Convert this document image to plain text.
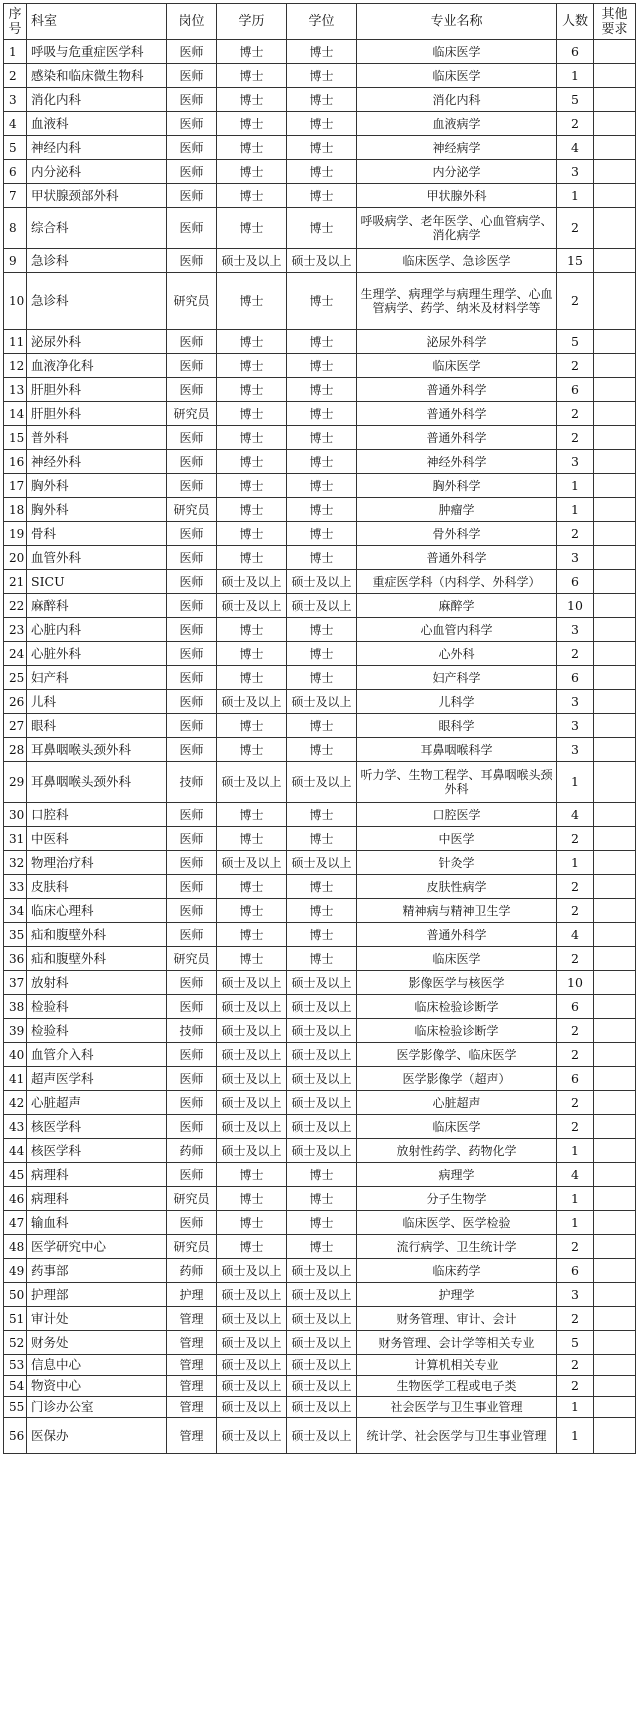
序号	科室	岗位	学历	学位	专业名称	人数	其他要求
1	呼吸与危重症医学科	医师	博士	博士	临床医学	6	
2	感染和临床微生物科	医师	博士	博士	临床医学	1	
3	消化内科	医师	博士	博士	消化内科	5	
4	血液科	医师	博士	博士	血液病学	2	
5	神经内科	医师	博士	博士	神经病学	4	
6	内分泌科	医师	博士	博士	内分泌学	3	
7	甲状腺颈部外科	医师	博士	博士	甲状腺外科	1	
8	综合科	医师	博士	博士	呼吸病学、老年医学、心血管病学、消化病学	2	
9	急诊科	医师	硕士及以上	硕士及以上	临床医学、急诊医学	15	
10	急诊科	研究员	博士	博士	生理学、病理学与病理生理学、心血管病学、药学、纳米及材料学等	2	
11	泌尿外科	医师	博士	博士	泌尿外科学	5	
12	血液净化科	医师	博士	博士	临床医学	2	
13	肝胆外科	医师	博士	博士	普通外科学	6	
14	肝胆外科	研究员	博士	博士	普通外科学	2	
15	普外科	医师	博士	博士	普通外科学	2	
16	神经外科	医师	博士	博士	神经外科学	3	
17	胸外科	医师	博士	博士	胸外科学	1	
18	胸外科	研究员	博士	博士	肿瘤学	1	
19	骨科	医师	博士	博士	骨外科学	2	
20	血管外科	医师	博士	博士	普通外科学	3	
21	SICU	医师	硕士及以上	硕士及以上	重症医学科（内科学、外科学）	6	
22	麻醉科	医师	硕士及以上	硕士及以上	麻醉学	10	
23	心脏内科	医师	博士	博士	心血管内科学	3	
24	心脏外科	医师	博士	博士	心外科	2	
25	妇产科	医师	博士	博士	妇产科学	6	
26	儿科	医师	硕士及以上	硕士及以上	儿科学	3	
27	眼科	医师	博士	博士	眼科学	3	
28	耳鼻咽喉头颈外科	医师	博士	博士	耳鼻咽喉科学	3	
29	耳鼻咽喉头颈外科	技师	硕士及以上	硕士及以上	听力学、生物工程学、耳鼻咽喉头颈外科	1	
30	口腔科	医师	博士	博士	口腔医学	4	
31	中医科	医师	博士	博士	中医学	2	
32	物理治疗科	医师	硕士及以上	硕士及以上	针灸学	1	
33	皮肤科	医师	博士	博士	皮肤性病学	2	
34	临床心理科	医师	博士	博士	精神病与精神卫生学	2	
35	疝和腹壁外科	医师	博士	博士	普通外科学	4	
36	疝和腹壁外科	研究员	博士	博士	临床医学	2	
37	放射科	医师	硕士及以上	硕士及以上	影像医学与核医学	10	
38	检验科	医师	硕士及以上	硕士及以上	临床检验诊断学	6	
39	检验科	技师	硕士及以上	硕士及以上	临床检验诊断学	2	
40	血管介入科	医师	硕士及以上	硕士及以上	医学影像学、临床医学	2	
41	超声医学科	医师	硕士及以上	硕士及以上	医学影像学（超声）	6	
42	心脏超声	医师	硕士及以上	硕士及以上	心脏超声	2	
43	核医学科	医师	硕士及以上	硕士及以上	临床医学	2	
44	核医学科	药师	硕士及以上	硕士及以上	放射性药学、药物化学	1	
45	病理科	医师	博士	博士	病理学	4	
46	病理科	研究员	博士	博士	分子生物学	1	
47	输血科	医师	博士	博士	临床医学、医学检验	1	
48	医学研究中心	研究员	博士	博士	流行病学、卫生统计学	2	
49	药事部	药师	硕士及以上	硕士及以上	临床药学	6	
50	护理部	护理	硕士及以上	硕士及以上	护理学	3	
51	审计处	管理	硕士及以上	硕士及以上	财务管理、审计、会计	2	
52	财务处	管理	硕士及以上	硕士及以上	财务管理、会计学等相关专业	5	
53	信息中心	管理	硕士及以上	硕士及以上	计算机相关专业	2	
54	物资中心	管理	硕士及以上	硕士及以上	生物医学工程或电子类	2	
55	门诊办公室	管理	硕士及以上	硕士及以上	社会医学与卫生事业管理	1	
56	医保办	管理	硕士及以上	硕士及以上	统计学、社会医学与卫生事业管理	1	
